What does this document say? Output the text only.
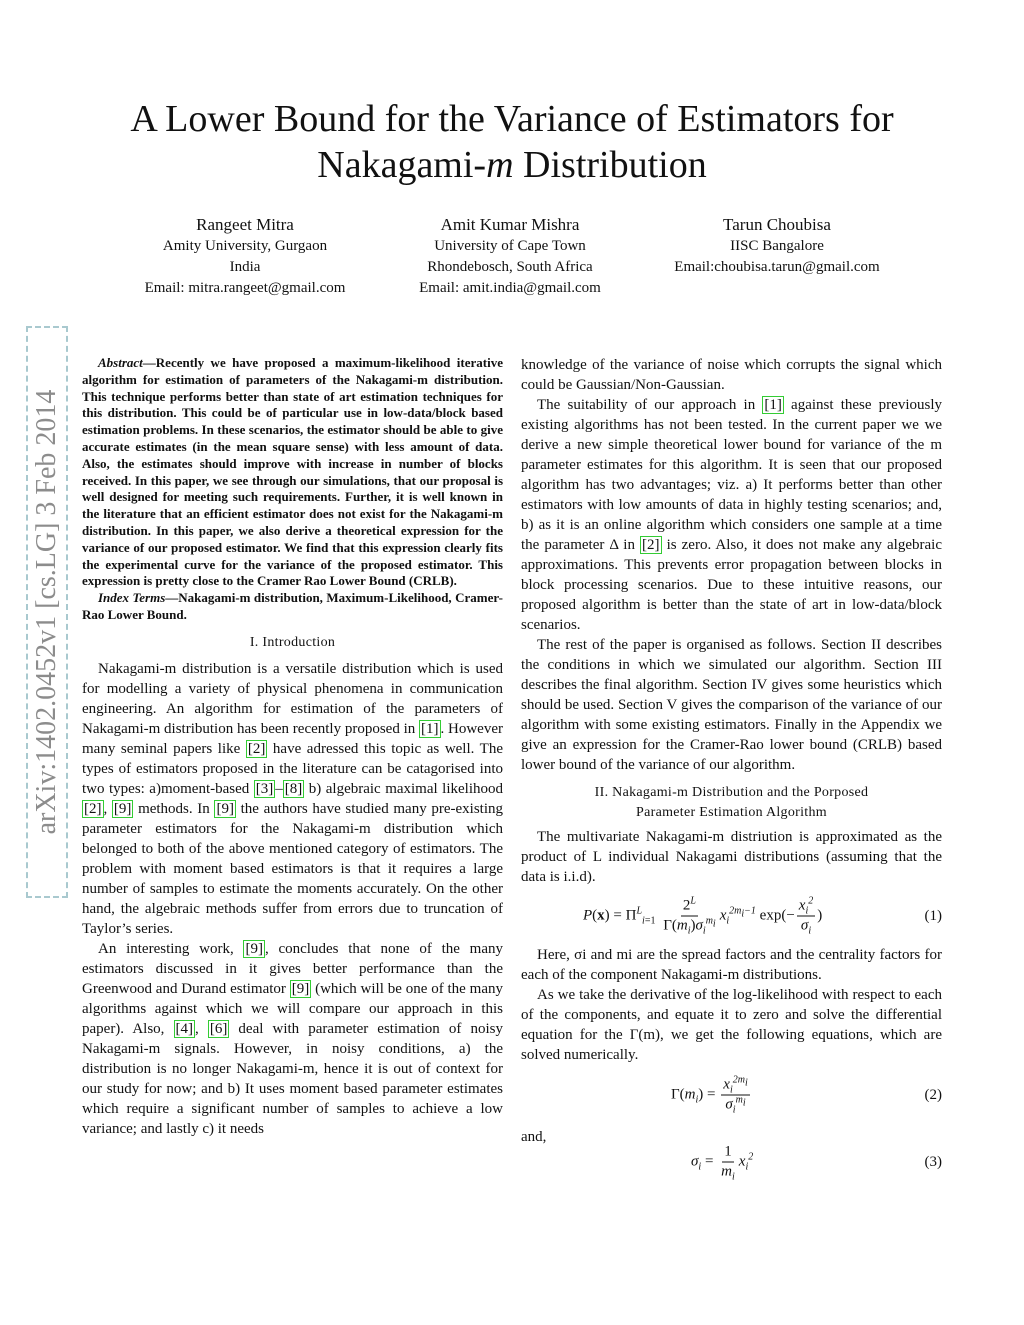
A Lower Bound for the Variance of Estimators for
Nakagami-m Distribution
Rangeet Mitra
Amity University, Gurgaon
India
Email: mitra.rangeet@gmail.com
Amit Kumar Mishra
University of Cape Town
Rhondebosch, South Africa
Email: amit.india@gmail.com
Tarun Choubisa
IISC Bangalore
Email:choubisa.tarun@gmail.com
arXiv:1402.0452v1 [cs.LG] 3 Feb 2014

Abstract—Recently we have proposed a maximum-likelihood iterative algorithm for estimation of parameters of the Nakagami-m distribution. This technique performs better than state of art estimation techniques for this distribution. This could be of particular use in low-data/block based estimation problems. In these scenarios, the estimator should be able to give accurate estimates (in the mean square sense) with less amount of data. Also, the estimates should improve with increase in number of blocks received. In this paper, we see through our simulations, that our proposal is well designed for meeting such requirements. Further, it is well known in the literature that an efficient estimator does not exist for the Nakagami-m distribution. In this paper, we also derive a theoretical expression for the variance of our proposed estimator. We find that this expression clearly fits the experimental curve for the variance of the proposed estimator. This expression is pretty close to the Cramer Rao Lower Bound (CRLB).

Index Terms—Nakagami-m distribution, Maximum-Likelihood, Cramer-Rao Lower Bound.

I. Introduction

Nakagami-m distribution is a versatile distribution which is used for modelling a variety of physical phenomena in communication engineering. An algorithm for estimation of the parameters of Nakagami-m distribution has been recently proposed in [1] . However many seminal papers like [2] have adressed this topic as well. The types of estimators proposed in the literature can be catagorised into two types: a)moment-based [3] – [8] b) algebraic maximal likelihood [2] , [9] methods. In [9] the authors have studied many pre-existing parameter estimators for the Nakagami-m distribution which belonged to both of the above mentioned category of estimators. The problem with moment based estimators is that it requires a large number of samples to estimate the moments accurately. On the other hand, the algebraic methods suffer from errors due to truncation of Taylor’s series.

An interesting work, [9] , concludes that none of the many estimators discussed in it gives better performance than the Greenwood and Durand estimator [9] (which will be one of the many algorithms against which we will compare our approach in this paper). Also, [4] , [6] deal with parameter estimation of noisy Nakagami-m signals. However, in noisy conditions, a) the distribution is no longer Nakagami-m, hence it is out of context for our study for now; and b) It uses moment based parameter estimates which require a significant number of samples to achieve a low variance; and lastly c) it needs

knowledge of the variance of noise which corrupts the signal which could be Gaussian/Non-Gaussian.

The suitability of our approach in [1] against these previously existing algorithms has not been tested. In the current paper we we derive a new simple theoretical lower bound for variance of the m parameter estimates for this algorithm. It is seen that our proposed algorithm has two advantages; viz. a) It performs better than other estimators with low amounts of data in highly testing scenarios; and, b) as it is an online algorithm which considers one sample at a time the parameter Δ in [2] is zero. Also, it does not make any algebraic approximations. This prevents error propagation between blocks in block processing scenarios. Due to these intuitive reasons, our proposed algorithm is better than the state of art in low-data/block scenarios.

The rest of the paper is organised as follows. Section II describes the conditions in which we simulated our algorithm. Section III describes the final algorithm. Section IV gives some heuristics which should be used. Section V gives the comparison of the variance of our algorithm with some existing estimators. Finally in the Appendix we give an expression for the Cramer-Rao lower bound (CRLB) based lower bound of the variance of our algorithm.

II. Nakagami-m Distribution and the Porposed
Parameter Estimation Algorithm

The multivariate Nakagami-m distriution is approximated as the product of L individual Nakagami distributions (assuming that the data is i.i.d).

$P(x) = \Pi^L_{i=1} \frac{2^L}{\Gamma(m_i)\sigma_i^{m_i}} x_i^{2m_i-1}$ $\exp(- \frac{x_i^2}{\sigma_i}$ )	(1)

Here, σi and mi are the spread factors and the centrality factors for each of the component Nakagami-m distributions.

As we take the derivative of the log-likelihood with respect to each of the components, and equate it to zero and solve the differential equation for the Γ(m), we get the following equations, which are solved numerically.

$\Gamma(m_i) = \frac{x_i^{2m_i}}{\sigma_i^{m_i}}$	(2)
and,
$\sigma_i = \frac{1}{m_i} x_i^2$	(3)
